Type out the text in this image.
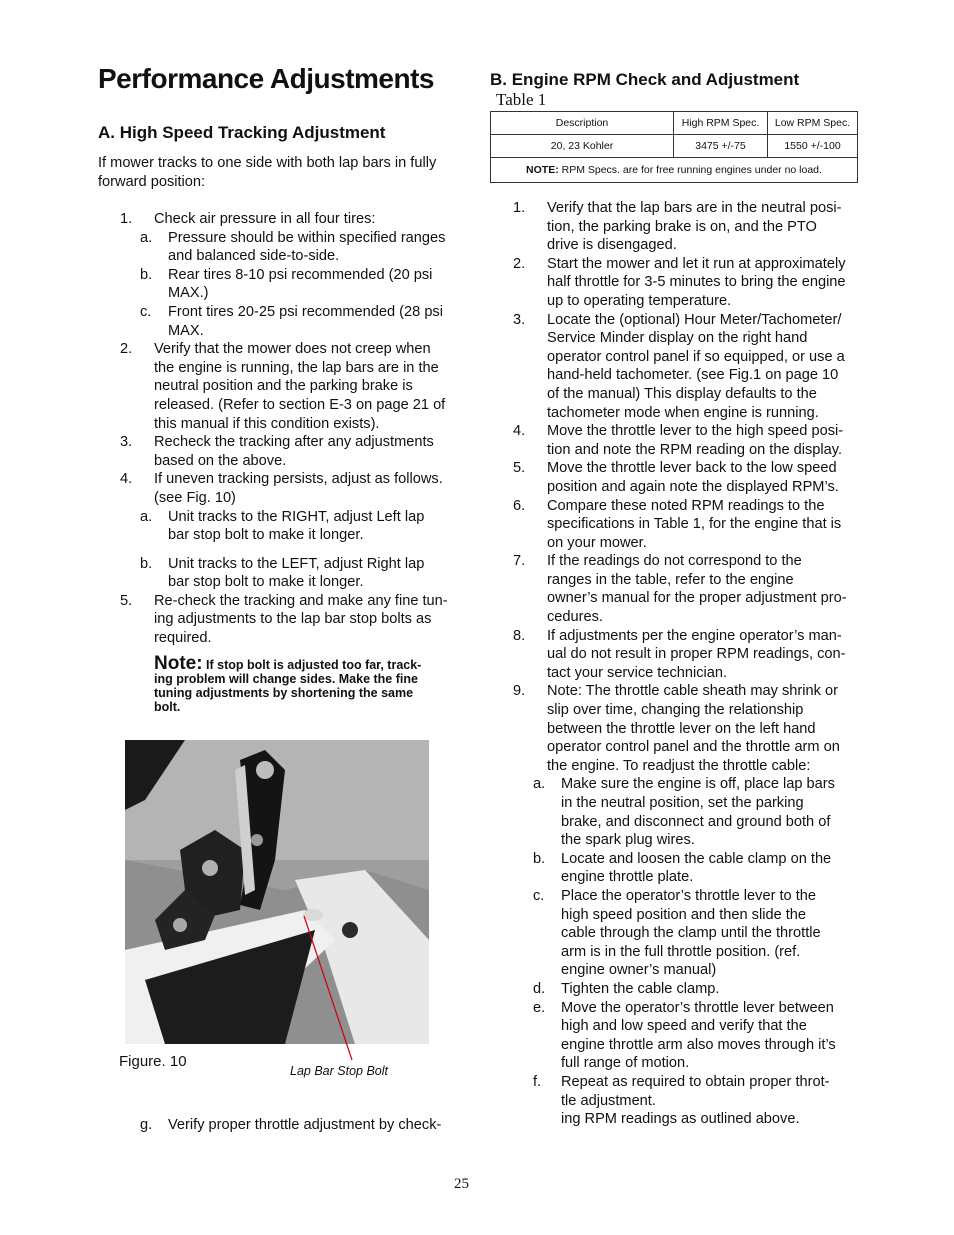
Performance Adjustments
A. High Speed Tracking Adjustment
If mower tracks to one side with both lap bars in fully
forward position:
1. Check air pressure in all four tires:
a. Pressure should be within specified ranges
and balanced side-to-side.
b. Rear tires 8-10 psi recommended (20 psi
MAX.)
c. Front tires 20-25 psi recommended (28 psi
MAX.
2. Verify that the mower does not creep when
the engine is running, the lap bars are in the
neutral position and the parking brake is
released. (Refer to section E-3 on page 21 of
this manual if this condition exists).
3. Recheck the tracking after any adjustments
based on the above.
4. If uneven tracking persists, adjust as follows.
(see Fig. 10)
a. Unit tracks to the RIGHT, adjust Left lap
bar stop bolt to make it longer.
b. Unit tracks to the LEFT, adjust Right lap
bar stop bolt to make it longer.
5. Re-check the tracking and make any fine tun-
ing adjustments to the lap bar stop bolts as
required.
Note: If stop bolt is adjusted too far, track-
ing problem will change sides. Make the fine
tuning adjustments by shortening the same
bolt.
Figure. 10
Lap Bar Stop Bolt
g. Verify proper throttle adjustment by check-
B. Engine RPM Check and Adjustment
Table 1
Description	High RPM Spec.	Low RPM Spec.
20, 23 Kohler	3475 +/-75	1550 +/-100
NOTE: RPM Specs. are for free running engines under no load.		
1. Verify that the lap bars are in the neutral posi-
tion, the parking brake is on, and the PTO
drive is disengaged.
2. Start the mower and let it run at approximately
half throttle for 3-5 minutes to bring the engine
up to operating temperature.
3. Locate the (optional) Hour Meter/Tachometer/
Service Minder display on the right hand
operator control panel if so equipped, or use a
hand-held tachometer. (see Fig.1 on page 10
of the manual) This display defaults to the
tachometer mode when engine is running.
4. Move the throttle lever to the high speed posi-
tion and note the RPM reading on the display.
5. Move the throttle lever back to the low speed
position and again note the displayed RPM’s.
6. Compare these noted RPM readings to the
specifications in Table 1, for the engine that is
on your mower.
7. If the readings do not correspond to the
ranges in the table, refer to the engine
owner’s manual for the proper adjustment pro-
cedures.
8. If adjustments per the engine operator’s man-
ual do not result in proper RPM readings, con-
tact your service technician.
9. Note: The throttle cable sheath may shrink or
slip over time, changing the relationship
between the throttle lever on the left hand
operator control panel and the throttle arm on
the engine. To readjust the throttle cable:
a. Make sure the engine is off, place lap bars
in the neutral position, set the parking
brake, and disconnect and ground both of
the spark plug wires.
b. Locate and loosen the cable clamp on the
engine throttle plate.
c. Place the operator’s throttle lever to the
high speed position and then slide the
cable through the clamp until the throttle
arm is in the full throttle position. (ref.
engine owner’s manual)
d. Tighten the cable clamp.
e. Move the operator’s throttle lever between
high and low speed and verify that the
engine throttle arm also moves through it’s
full range of motion.
f. Repeat as required to obtain proper throt-
tle adjustment.
ing RPM readings as outlined above.
25
